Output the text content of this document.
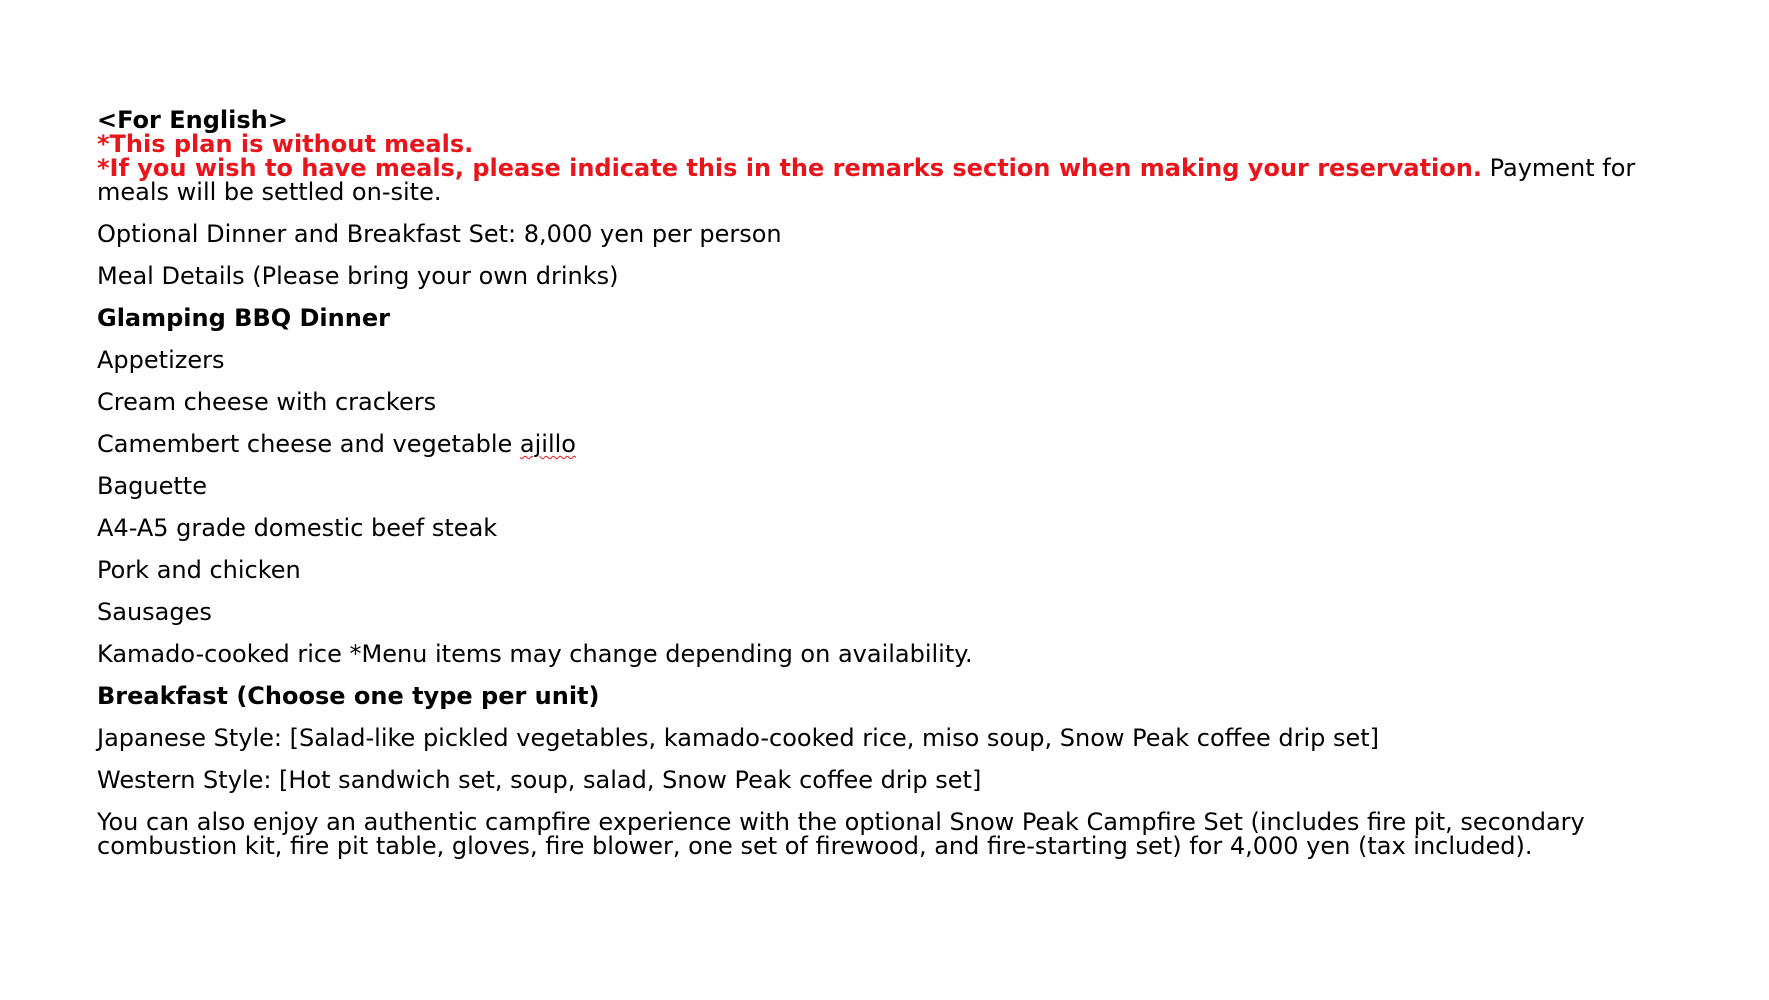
<For English>

*This plan is without meals.

*If you wish to have meals, please indicate this in the remarks section when making your reservation. Payment for

meals will be settled on-site.

Optional Dinner and Breakfast Set: 8,000 yen per person

Meal Details (Please bring your own drinks)

Glamping BBQ Dinner

Appetizers

Cream cheese with crackers

Camembert cheese and vegetable ajillo

Baguette

A4-A5 grade domestic beef steak

Pork and chicken

Sausages

Kamado-cooked rice *Menu items may change depending on availability.

Breakfast (Choose one type per unit)

Japanese Style: [Salad-like pickled vegetables, kamado-cooked rice, miso soup, Snow Peak coffee drip set]

Western Style: [Hot sandwich set, soup, salad, Snow Peak coffee drip set]

You can also enjoy an authentic campfire experience with the optional Snow Peak Campfire Set (includes fire pit, secondary

combustion kit, fire pit table, gloves, fire blower, one set of firewood, and fire-starting set) for 4,000 yen (tax included).
